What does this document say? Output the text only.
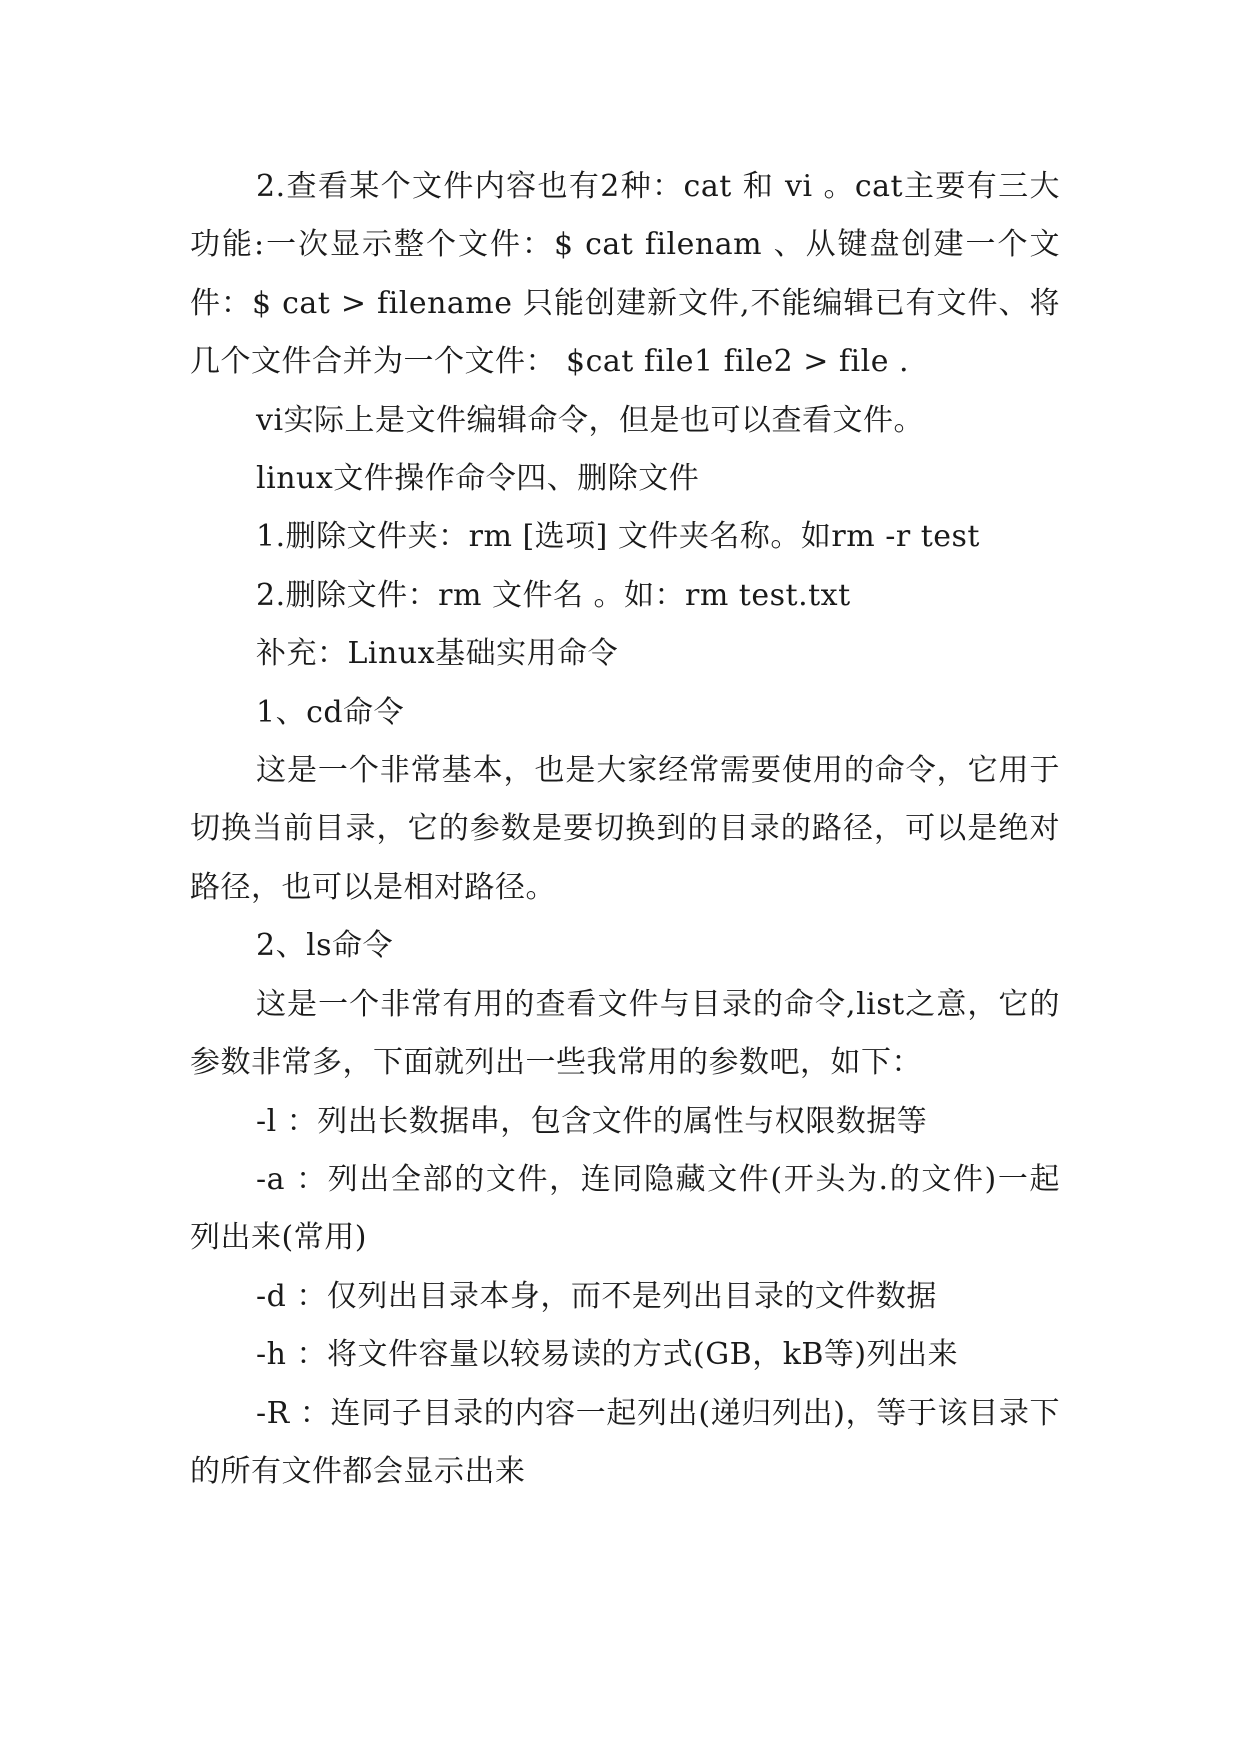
2.查看某个文件内容也有2种：cat 和 vi 。cat主要有三大功能:一次显示整个文件：$ cat filenam 、从键盘创建一个文件：$ cat > filename 只能创建新文件,不能编辑已有文件、将几个文件合并为一个文件： $cat file1 file2 > file .

vi实际上是文件编辑命令，但是也可以查看文件。

linux文件操作命令四、删除文件

1.删除文件夹：rm [选项] 文件夹名称。如rm -r test

2.删除文件：rm 文件名 。如：rm test.txt

补充：Linux基础实用命令

1、cd命令

这是一个非常基本，也是大家经常需要使用的命令，它用于切换当前目录，它的参数是要切换到的目录的路径，可以是绝对路径，也可以是相对路径。

2、ls命令

这是一个非常有用的查看文件与目录的命令,list之意，它的参数非常多，下面就列出一些我常用的参数吧，如下：

-l ：列出长数据串，包含文件的属性与权限数据等

-a ：列出全部的文件，连同隐藏文件(开头为.的文件)一起列出来(常用)

-d ：仅列出目录本身，而不是列出目录的文件数据

-h ：将文件容量以较易读的方式(GB，kB等)列出来

-R ：连同子目录的内容一起列出(递归列出)，等于该目录下的所有文件都会显示出来
